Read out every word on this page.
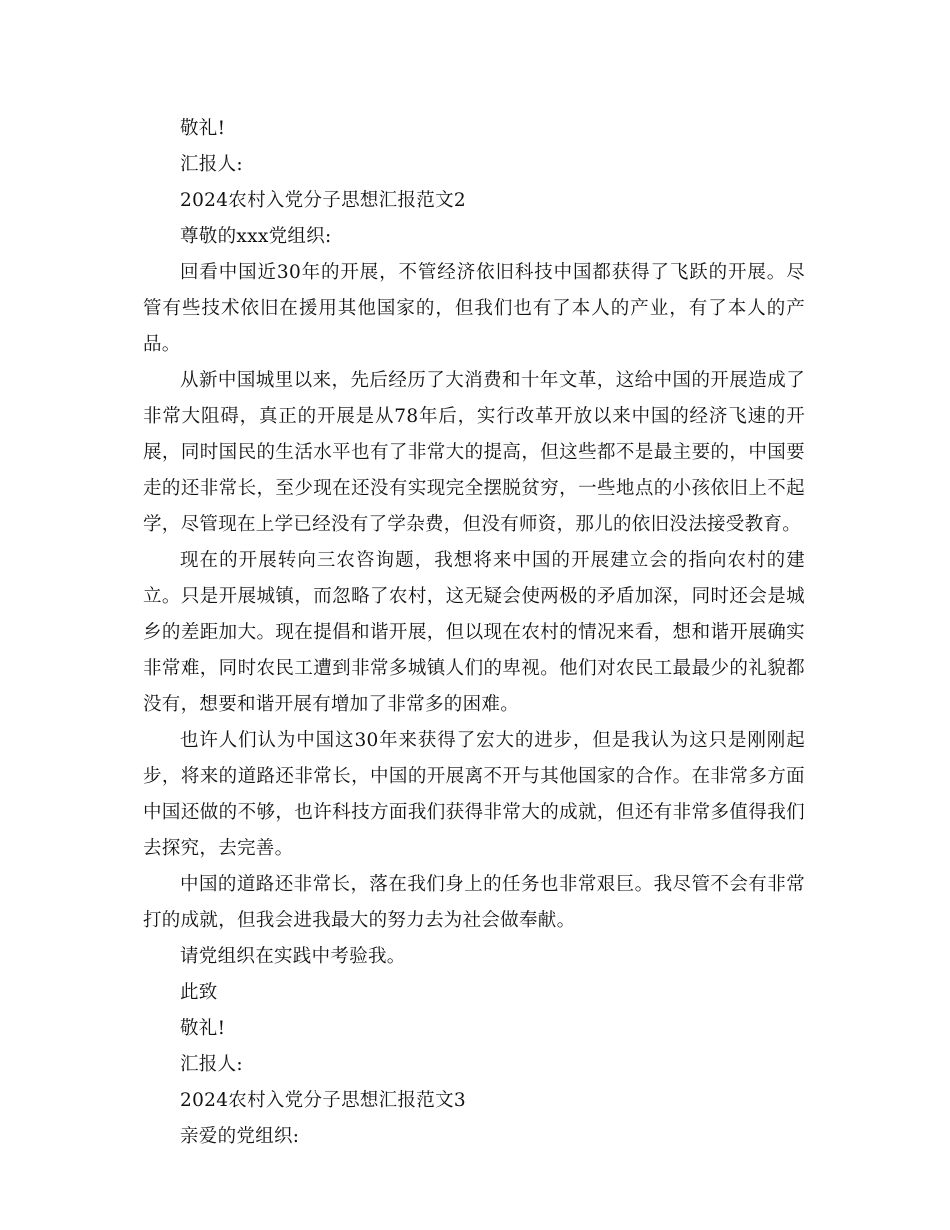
敬礼!

汇报人:

2024农村入党分子思想汇报范文2

尊敬的xxx党组织:

回看中国近30年的开展，不管经济依旧科技中国都获得了飞跃的开展。尽管有些技术依旧在援用其他国家的，但我们也有了本人的产业，有了本人的产品。

从新中国城里以来，先后经历了大消费和十年文革，这给中国的开展造成了非常大阻碍，真正的开展是从78年后，实行改革开放以来中国的经济飞速的开展，同时国民的生活水平也有了非常大的提高，但这些都不是最主要的，中国要走的还非常长，至少现在还没有实现完全摆脱贫穷，一些地点的小孩依旧上不起学，尽管现在上学已经没有了学杂费，但没有师资，那儿的依旧没法接受教育。

现在的开展转向三农咨询题，我想将来中国的开展建立会的指向农村的建立。只是开展城镇，而忽略了农村，这无疑会使两极的矛盾加深，同时还会是城乡的差距加大。现在提倡和谐开展，但以现在农村的情况来看，想和谐开展确实非常难，同时农民工遭到非常多城镇人们的卑视。他们对农民工最最少的礼貌都没有，想要和谐开展有增加了非常多的困难。

也许人们认为中国这30年来获得了宏大的进步，但是我认为这只是刚刚起步，将来的道路还非常长，中国的开展离不开与其他国家的合作。在非常多方面中国还做的不够，也许科技方面我们获得非常大的成就，但还有非常多值得我们去探究，去完善。

中国的道路还非常长，落在我们身上的任务也非常艰巨。我尽管不会有非常打的成就，但我会进我最大的努力去为社会做奉献。

请党组织在实践中考验我。

此致

敬礼!

汇报人:

2024农村入党分子思想汇报范文3

亲爱的党组织:
